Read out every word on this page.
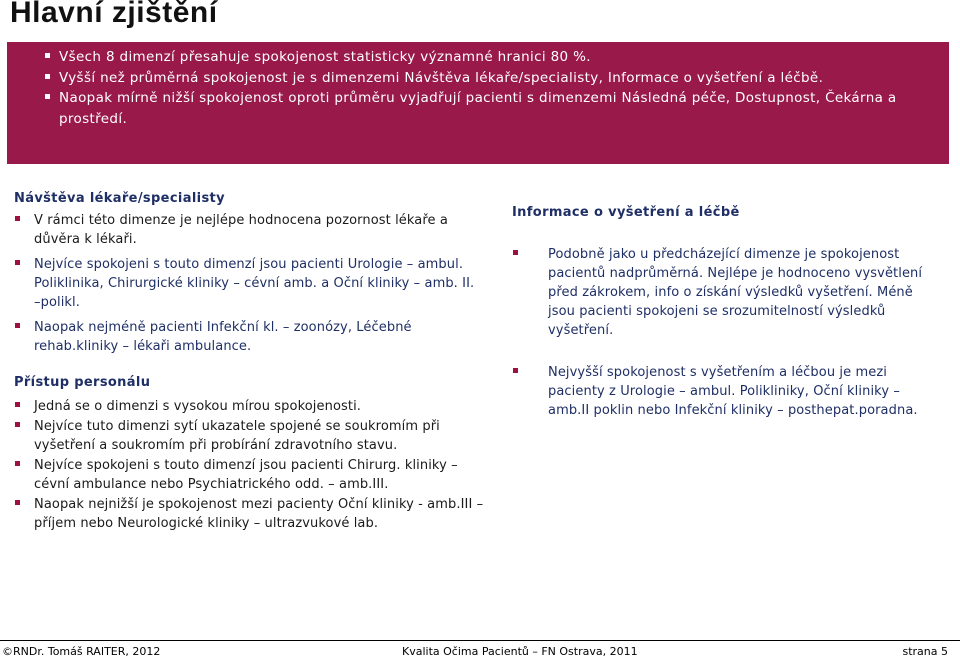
Hlavní zjištění
Všech 8 dimenzí přesahuje spokojenost statisticky významné hranici 80 %.
Vyšší než průměrná spokojenost je s dimenzemi Návštěva lékaře/specialisty, Informace o vyšetření a léčbě.
Naopak mírně nižší spokojenost oproti průměru vyjadřují pacienti s dimenzemi Následná péče, Dostupnost, Čekárna a prostředí.
Návštěva lékaře/specialisty
V rámci této dimenze je nejlépe hodnocena pozornost lékaře a důvěra k lékaři.
Nejvíce spokojeni s touto dimenzí jsou pacienti Urologie – ambul. Poliklinika, Chirurgické kliniky – cévní amb. a Oční kliniky – amb. II. –polikl.
Naopak nejméně pacienti Infekční kl. – zoonózy, Léčebné rehab.kliniky – lékaři ambulance.
Přístup personálu
Jedná se o dimenzi s vysokou mírou spokojenosti.
Nejvíce tuto dimenzi sytí ukazatele spojené se soukromím při vyšetření a soukromím při probírání zdravotního stavu.
Nejvíce spokojeni s touto dimenzí jsou pacienti Chirurg. kliniky – cévní ambulance nebo Psychiatrického odd. – amb.III.
Naopak nejnižší je spokojenost mezi pacienty Oční kliniky - amb.III – příjem nebo Neurologické kliniky – ultrazvukové lab.
Informace o vyšetření a léčbě
Podobně jako u předcházející dimenze je spokojenost pacientů nadprůměrná. Nejlépe je hodnoceno vysvětlení před zákrokem, info o získání výsledků vyšetření. Méně jsou pacienti spokojeni se srozumitelností výsledků vyšetření.
Nejvyšší spokojenost s vyšetřením a léčbou je mezi pacienty z Urologie – ambul. Polikliniky, Oční kliniky – amb.II poklin nebo Infekční kliniky – posthepat.poradna.
©RNDr. Tomáš RAITER, 2012	Kvalita Očima Pacientů – FN Ostrava, 2011	strana 5
